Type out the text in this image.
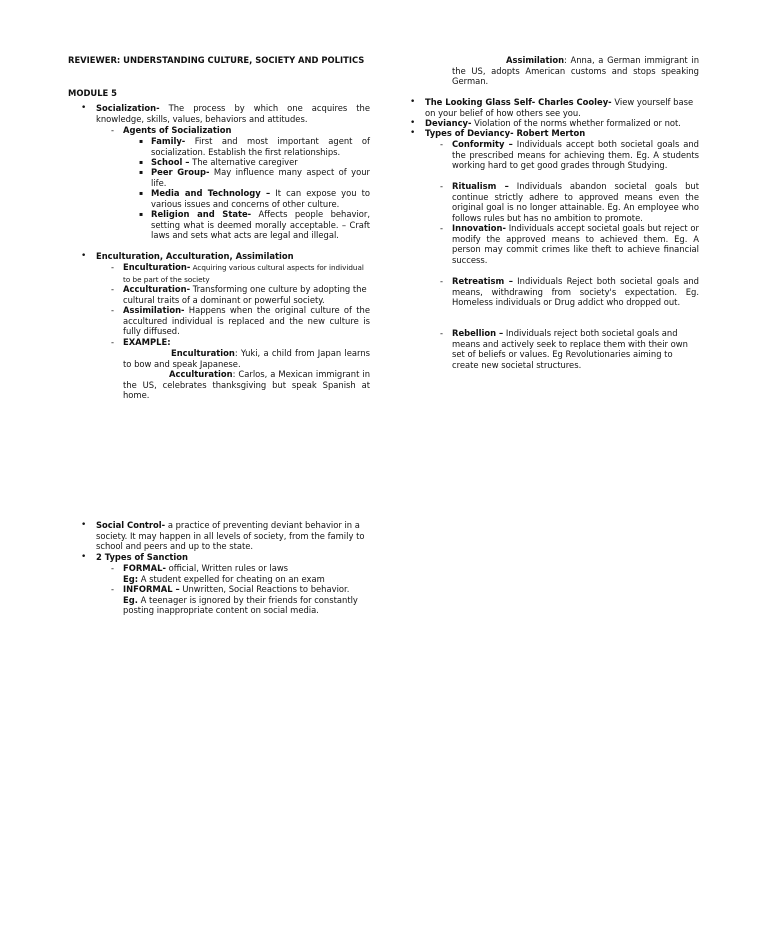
REVIEWER: UNDERSTANDING CULTURE, SOCIETY AND POLITICS
MODULE 5
• Socialization- The process by which one acquires the knowledge, skills, values, behaviors and attitudes.
- Agents of Socialization
▪ Family- First and most important agent of socialization. Establish the first relationships.
▪ School – The alternative caregiver
▪ Peer Group- May influence many aspect of your life.
▪ Media and Technology – It can expose you to various issues and concerns of other culture.
▪ Religion and State- Affects people behavior, setting what is deemed morally acceptable. – Craft laws and sets what acts are legal and illegal.
• Enculturation, Acculturation, Assimilation
- Enculturation- Acquiring various cultural aspects for individual to be part of the society
- Acculturation- Transforming one culture by adopting the cultural traits of a dominant or powerful society.
- Assimilation- Happens when the original culture of the accultured individual is replaced and the new culture is fully diffused.
- EXAMPLE:
Enculturation: Yuki, a child from Japan learns to bow and speak Japanese.
Acculturation: Carlos, a Mexican immigrant in the US, celebrates thanksgiving but speak Spanish at home.
• Social Control- a practice of preventing deviant behavior in a society. It may happen in all levels of society, from the family to school and peers and up to the state.
• 2 Types of Sanction
- FORMAL- official, Written rules or laws
Eg: A student expelled for cheating on an exam
- INFORMAL – Unwritten, Social Reactions to behavior.
Eg. A teenager is ignored by their friends for constantly posting inappropriate content on social media.
Assimilation: Anna, a German immigrant in the US, adopts American customs and stops speaking German.
• The Looking Glass Self- Charles Cooley- View yourself base on your belief of how others see you.
• Deviancy- Violation of the norms whether formalized or not.
• Types of Deviancy- Robert Merton
- Conformity – Individuals accept both societal goals and the prescribed means for achieving them. Eg. A students working hard to get good grades through Studying.
- Ritualism – Individuals abandon societal goals but continue strictly adhere to approved means even the original goal is no longer attainable. Eg. An employee who follows rules but has no ambition to promote.
- Innovation- Individuals accept societal goals but reject or modify the approved means to achieved them. Eg. A person may commit crimes like theft to achieve financial success.
- Retreatism – Individuals Reject both societal goals and means, withdrawing from society's expectation. Eg. Homeless individuals or Drug addict who dropped out.
- Rebellion – Individuals reject both societal goals and means and actively seek to replace them with their own set of beliefs or values. Eg Revolutionaries aiming to create new societal structures.
